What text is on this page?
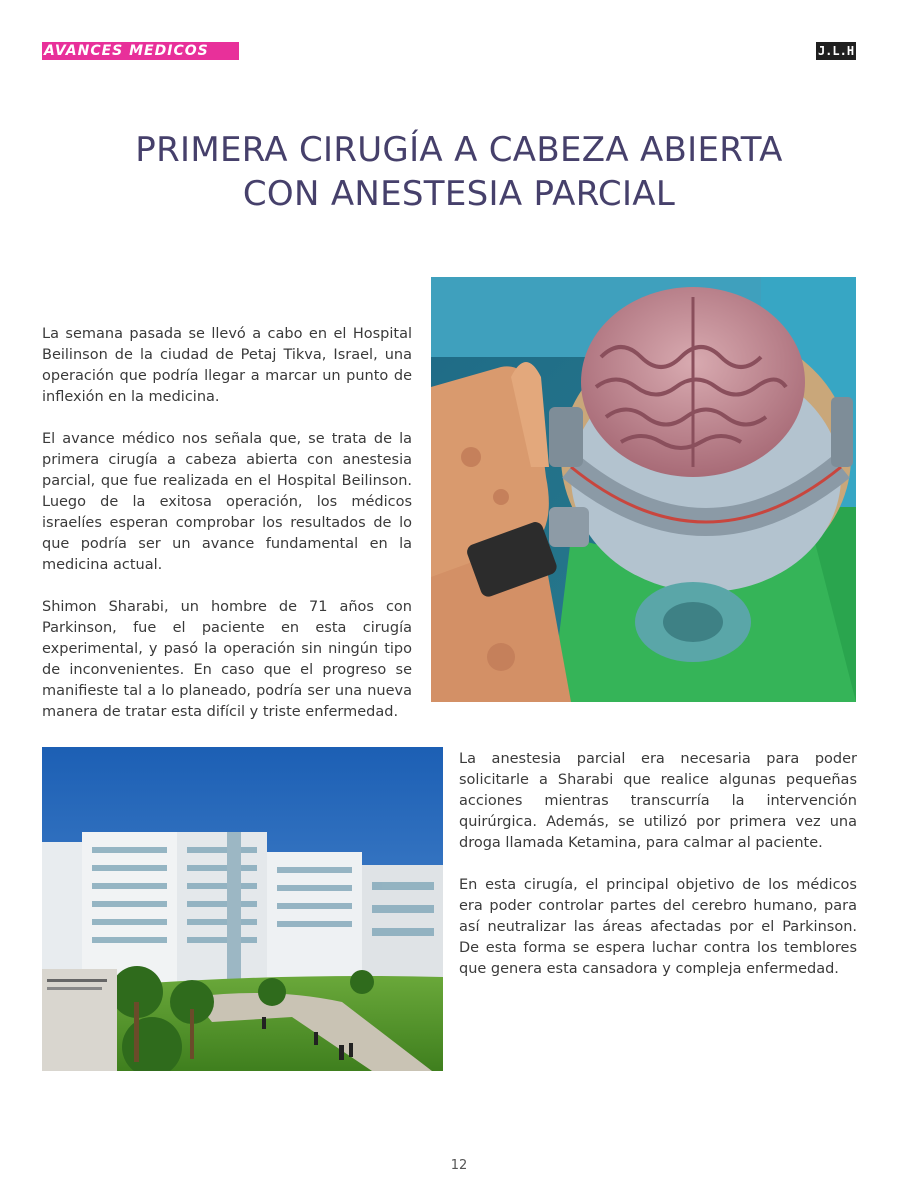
AVANCES MEDICOS	J.L.H
PRIMERA CIRUGÍA A CABEZA ABIERTA
CON ANESTESIA PARCIAL

La semana pasada se llevó a cabo en el Hospital Beilinson de la ciudad de Petaj Tikva, Israel, una operación que podría llegar a marcar un punto de inflexión en la medicina.

El avance médico nos señala que, se trata de la primera cirugía a cabeza abierta con anestesia parcial, que fue realizada en el Hospital Beilinson. Luego de la exitosa operación, los médicos israelíes esperan comprobar los resultados de lo que podría ser un avance fundamental en la medicina actual.

Shimon Sharabi, un hombre de 71 años con Parkinson, fue el paciente en esta cirugía experimental, y pasó la operación sin ningún tipo de inconvenientes. En caso que el progreso se manifieste tal a lo planeado, podría ser una nueva manera de tratar esta difícil y triste enfermedad.

La anestesia parcial era necesaria para poder solicitarle a Sharabi que realice algunas pequeñas acciones mientras transcurría la intervención quirúrgica. Además, se utilizó por primera vez una droga llamada Ketamina, para calmar al paciente.

En esta cirugía, el principal objetivo de los médicos era poder controlar partes del cerebro humano, para así neutralizar las áreas afectadas por el Parkinson. De esta forma se espera luchar contra los temblores que genera esta cansadora y compleja enfermedad.

12
